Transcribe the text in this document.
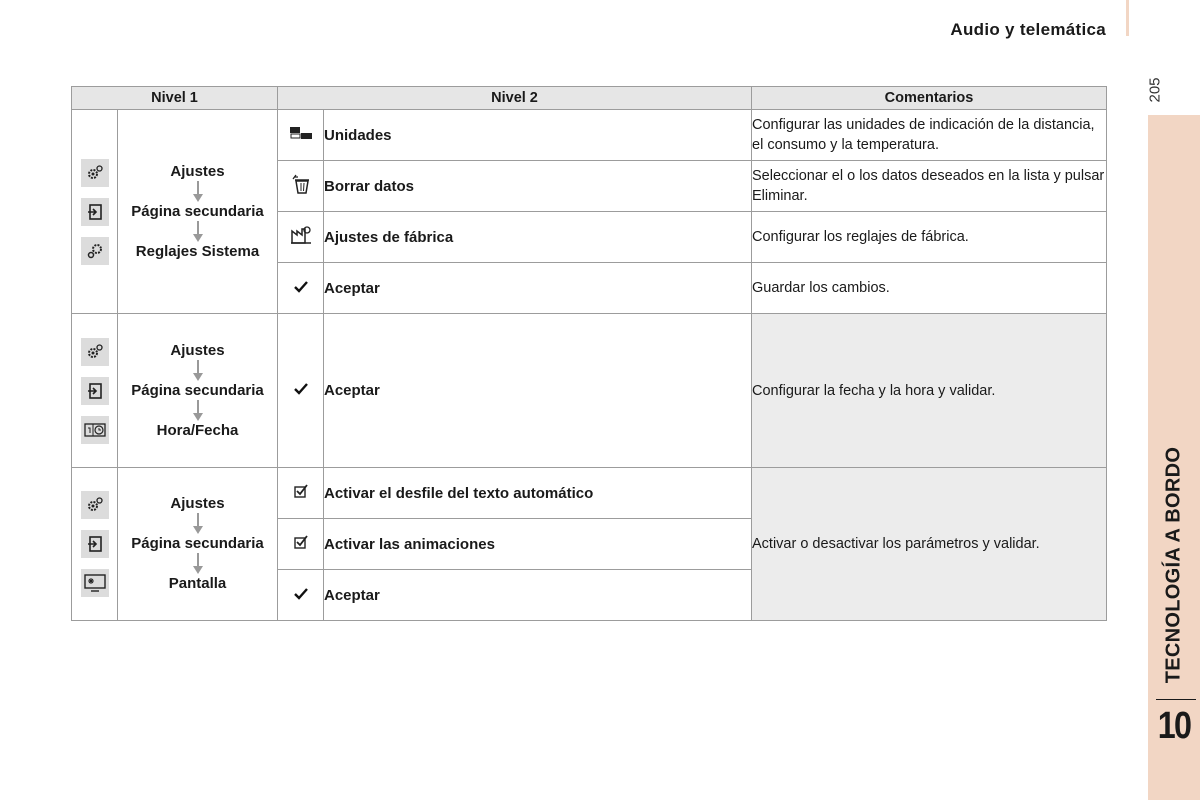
Audio y telemática
205
TECNOLOGÍA A BORDO
10
Nivel 1		Nivel 2		Comentarios

Ajustes
Página secundaria
Reglajes Sistema		Unidades	Configurar las unidades de indicación de la distancia, el consumo y la temperatura.
	Borrar datos	Seleccionar el o los datos deseados en la lista y pulsar Eliminar.
	Ajustes de fábrica	Configurar los reglajes de fábrica.
	Aceptar	Guardar los cambios.

Ajustes
Página secundaria
Hora/Fecha		Aceptar	Configurar la fecha y la hora y validar.

Ajustes
Página secundaria
Pantalla		Activar el desfile del texto automático	Activar o desactivar los parámetros y validar.
	Activar las animaciones	
	Aceptar	
